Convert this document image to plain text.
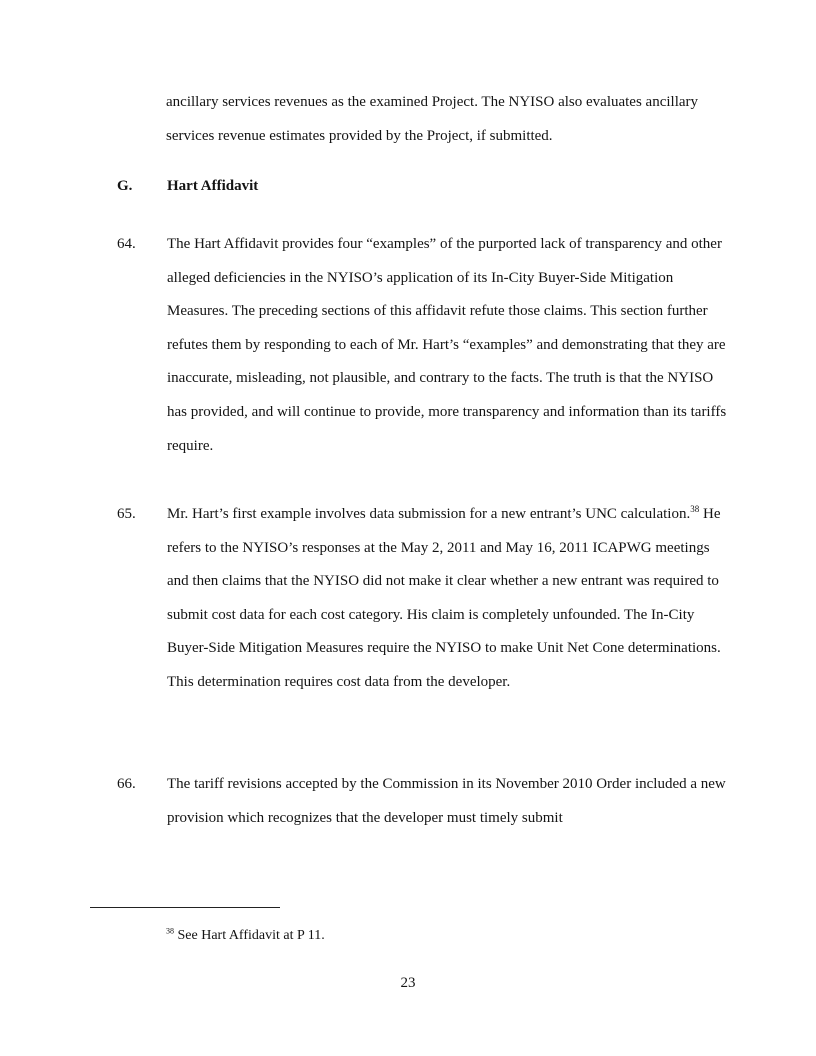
ancillary services revenues as the examined Project. The NYISO also evaluates ancillary services revenue estimates provided by the Project, if submitted.

G. Hart Affidavit

64. The Hart Affidavit provides four “examples” of the purported lack of transparency and other alleged deficiencies in the NYISO’s application of its In-City Buyer-Side Mitigation Measures. The preceding sections of this affidavit refute those claims. This section further refutes them by responding to each of Mr. Hart’s “examples” and demonstrating that they are inaccurate, misleading, not plausible, and contrary to the facts. The truth is that the NYISO has provided, and will continue to provide, more transparency and information than its tariffs require.

65. Mr. Hart’s first example involves data submission for a new entrant’s UNC calculation.$^{38}$ He refers to the NYISO’s responses at the May 2, 2011 and May 16, 2011 ICAPWG meetings and then claims that the NYISO did not make it clear whether a new entrant was required to submit cost data for each cost category. His claim is completely unfounded. The In-City Buyer-Side Mitigation Measures require the NYISO to make Unit Net Cone determinations. This determination requires cost data from the developer.

66. The tariff revisions accepted by the Commission in its November 2010 Order included a new provision which recognizes that the developer must timely submit

$^{38}$ See Hart Affidavit at P 11.

23
